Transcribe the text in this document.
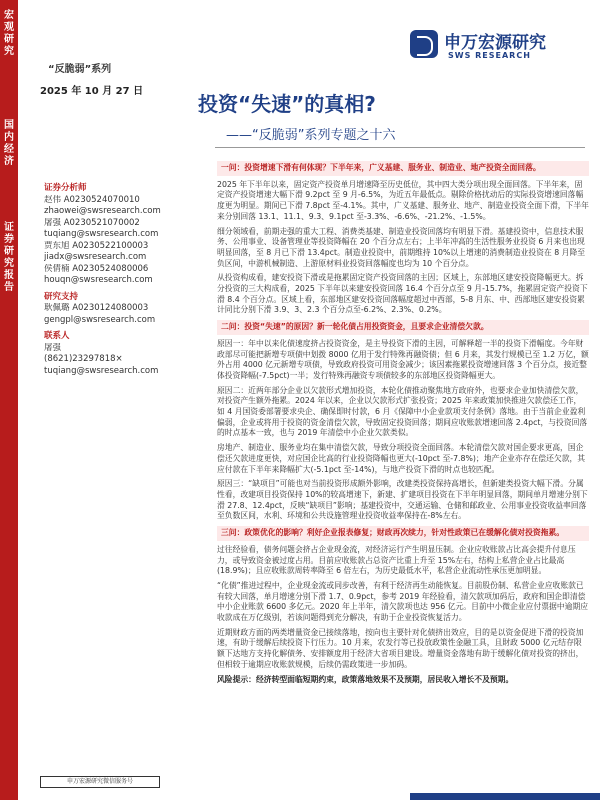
宏观研究
国内经济
证券研究报告
“反脆弱”系列
2025 年 10 月 27 日
申万宏源研究
SWS RESEARCH
投资“失速”的真相?
——“反脆弱”系列专题之十六
证券分析师
赵伟 A0230524070010
zhaowei@swsresearch.com
屠强 A0230521070002
tuqiang@swsresearch.com
贾东旭 A0230522100003
jiadx@swsresearch.com
侯倩楠 A0230524080006
houqn@swsresearch.com
研究支持
耿佩璐 A0230124080003
gengpl@swsresearch.com
联系人
屠强
(8621)23297818×
tuqiang@swsresearch.com
一问：投资增速下滑有何体现？下半年来，广义基建、服务业、制造业、地产投资全面回落。
2025 年下半年以来，固定资产投资单月增速降至历史低位，其中四大类分项出现全面回落。下半年来，固定资产投资增速大幅下滑 9.2pct 至 9 月-6.5%，为近五年最低点。剔除价格扰动后的实际投资增速回落幅度更为明显。期间已下滑 7.8pct 至-4.1%。其中，广义基建、服务业、地产、制造业投资全面下滑，下半年来分别回落 13.1、11.1、9.3、9.1pct 至-3.3%、-6.6%、-21.2%、-1.5%。
细分领域看，前期走强的重大工程、消费类基建、制造业投资回落均有明显下滑。基建投资中，信息技术服务、公用事业、设备管理业等投资降幅在 20 个百分点左右；上半年冲高的生活性服务业投资 6 月来也出现明显回落，至 8 月已下滑 13.4pct。制造业投资中，前期维持 10%以上增速的消费制造业投资在 8 月降至负区间，中游机械制造、上游原材料业投资回落幅度也均为 10 个百分点。
从投资构成看，建安投资下滑或是拖累固定资产投资回落的主因；区域上，东部地区建安投资降幅更大。拆分投资的三大构成看，2025 下半年以来建安投资回落 16.4 个百分点至 9 月-15.7%，拖累固定资产投资下滑 8.4 个百分点。区域上看，东部地区建安投资回落幅度超过中西部，5-8 月东、中、西部地区建安投资累计同比分别下滑 3.9、3、2.3 个百分点至-6.2%、2.3%、0.2%。
二问：投资“失速”的原因？新一轮化债占用投资资金，且要求企业清偿欠款。
原因一：年中以来化债速度挤占投资资金，是主导投资下滑的主因，可解释超一半的投资下滑幅度。今年财政部尽可能把新增专项债中划拨 8000 亿用于发行特殊再融资债；但 6 月来，其发行规模已至 1.2 万亿，额外占用 4000 亿元新增专项债，导致政府投资可用资金减少；该因素拖累投资增速回落 3 个百分点，接近整体投资降幅(-7.5pct)一半；发行特殊再融资专项债较多的东部地区投资降幅更大。
原因二：近两年部分企业以欠款形式增加投资，本轮化债推动聚焦地方政府外，也要求企业加快清偿欠款，对投资产生额外拖累。2024 年以来，企业以欠款形式扩张投资；2025 年来政策加快推进欠款偿还工作，如 4 月国资委部署要求央企、确保即时付款，6 月《保障中小企业款项支付条例》落地。由于当前企业盈利偏弱，企业或将用于投资的资金清偿欠款，导致固定投资回落；期间应收账款增速回落 2.4pct，与投资回落的时点基本一致，也与 2019 年清偿中小企业欠款类似。
房地产、制造业、服务业均在集中清偿欠款，导致分项投资全面回落。本轮清偿欠款对国企要求更高，国企偿还欠款进度更快，对应国企比高的行业投资降幅也更大(-10pct 至-7.8%)；地产企业亦存在偿还欠款，其应付款在下半年来降幅扩大(-5.1pct 至-14%)，与地产投资下滑的时点也较匹配。
原因三：“缺项目”可能也对当前投资形成额外影响，改建类投资保持高增长，但新建类投资大幅下滑。分属性看，改建项目投资保持 10%的较高增速下，新建、扩建项目投资在下半年明显回落，期间单月增速分别下滑 27.8、12.4pct，反映“缺项目”影响；基建投资中，交通运输、仓储和邮政业、公用事业投资收益率回落至负数区间，水利、环境和公共设施管理业投资收益率保持在-8%左右。
三问：政策优化的影响？利好企业报表修复；财政再次续力，针对性政策已在缓解化债对投资拖累。
过往经验看，债务问题会挤占企业现金流，对经济运行产生明显压制。企业应收账款占比高会提升付息压力，或导致资金被过度占用。目前应收账款占总资产比重上升至 15%左右，结构上私营企业占比最高(18.9%)；且应收账款周转率降至 6 倍左右，为历史最低水平，私营企业流动性承压更加明显。
“化债”推进过程中，企业现金流或同步改善，有利于经济再生动能恢复。目前股份制、私营企业应收账款已有较大回落，单月增速分别下滑 1.7、0.9pct，参考 2019 年经验看，清欠款项加码后，政府和国企即清偿中小企业账款 6600 多亿元。2020 年上半年，清欠款项也达 956 亿元。目前中小微企业应付票据中逾期应收款成在万亿级别，若该问题得到充分解决，有助于企业投资恢复活力。
近期财政方面的两类增量资金已接续落地，按向也主要针对化债挤出效应，目的是以资金促进下滑的投资加速，有助于缓解后续投资下行压力。10 月来，农发行等已投放政策性金融工具，且財政 5000 亿元结存限额下达地方支持化解债务、安排额度用于经济大省项目建设。增量资金落地有助于缓解化债对投资的挤出，但相较于逾期应收账款规模，后续仍需政策进一步加码。
风险提示：经济转型面临短期约束，政策落地效果不及预期，居民收入增长不及预期。
申万宏源研究微信服务号
